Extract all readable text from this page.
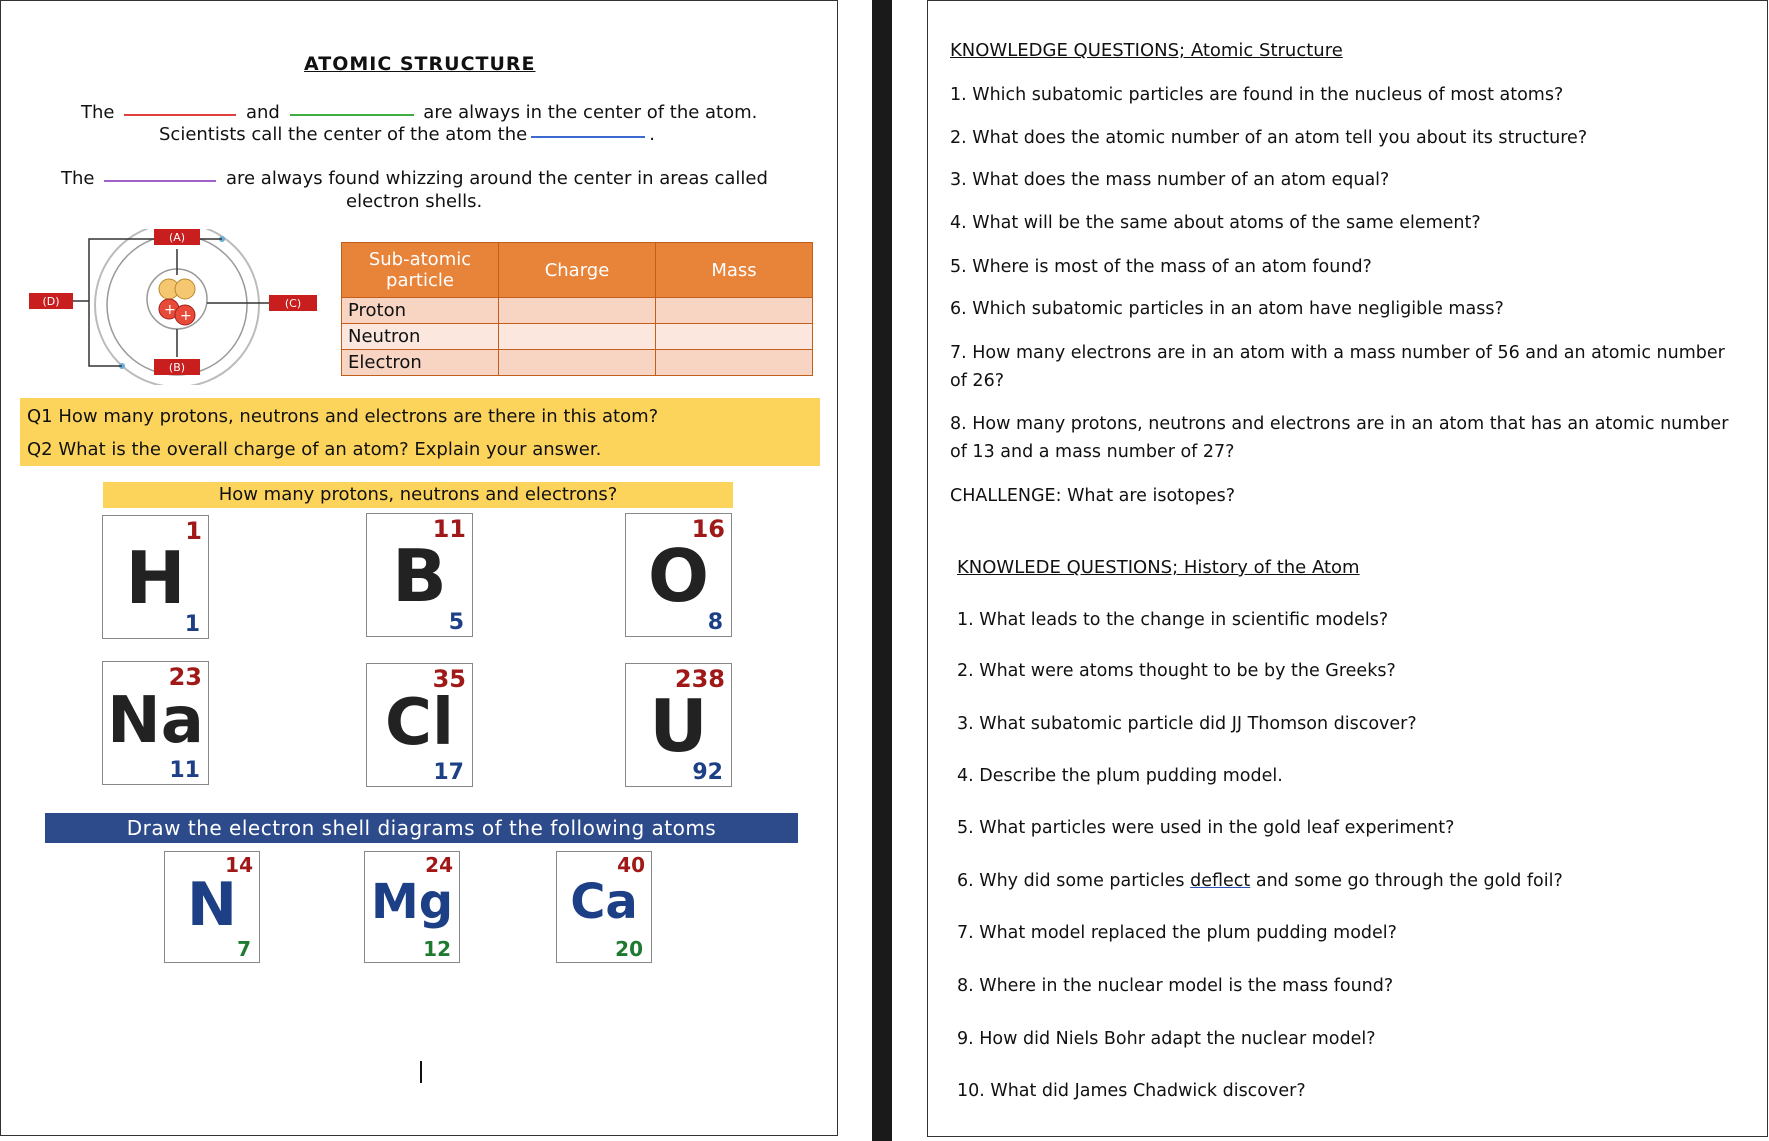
ATOMIC STRUCTURE
The	and	are always in the center of the atom.
Scientists call the center of the atom the	.
The	are always found whizzing around the center in areas called
electron shells.
+ +
(A)
(B)
(C)
(D)
Sub-atomic particle	Charge	Mass
Proton		
Neutron		
Electron		
Q1 How many protons, neutrons and electrons are there in this atom?
Q2 What is the overall charge of an atom? Explain your answer.
How many protons, neutrons and electrons?
1
H
1
11
B
5
16
O
8
23
Na
11
35
Cl
17
238
U
92
Draw the electron shell diagrams of the following atoms
14
N
7
24
Mg
12
40
Ca
20
KNOWLEDGE QUESTIONS; Atomic Structure
1. Which subatomic particles are found in the nucleus of most atoms?
2. What does the atomic number of an atom tell you about its structure?
3. What does the mass number of an atom equal?
4. What will be the same about atoms of the same element?
5. Where is most of the mass of an atom found?
6. Which subatomic particles in an atom have negligible mass?
7. How many electrons are in an atom with a mass number of 56 and an atomic number of 26?
8. How many protons, neutrons and electrons are in an atom that has an atomic number of 13 and a mass number of 27?
CHALLENGE: What are isotopes?
KNOWLEDE QUESTIONS; History of the Atom
1. What leads to the change in scientific models?
2. What were atoms thought to be by the Greeks?
3. What subatomic particle did JJ Thomson discover?
4. Describe the plum pudding model.
5. What particles were used in the gold leaf experiment?
6. Why did some particles deflect and some go through the gold foil?
7. What model replaced the plum pudding model?
8. Where in the nuclear model is the mass found?
9. How did Niels Bohr adapt the nuclear model?
10. What did James Chadwick discover?
